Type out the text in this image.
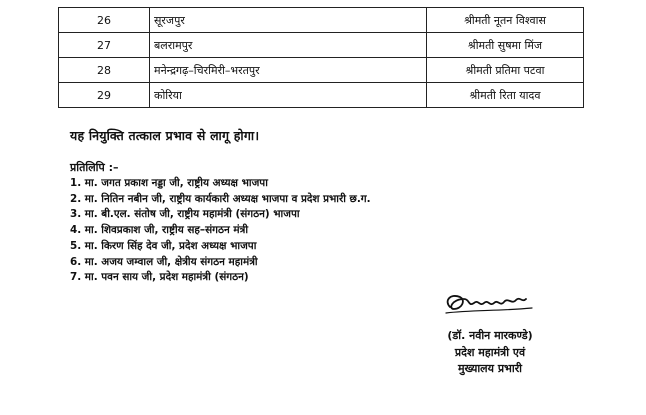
26	सूरजपुर	श्रीमती नूतन विश्वास
27	बलरामपुर	श्रीमती सुषमा मिंज
28	मनेन्द्रगढ़–चिरमिरी–भरतपुर	श्रीमती प्रतिमा पटवा
29	कोरिया	श्रीमती रिता यादव
यह नियुक्ति तत्काल प्रभाव से लागू होगा।
प्रतिलिपि :–
1. मा. जगत प्रकाश नड्डा जी, राष्ट्रीय अध्यक्ष भाजपा
2. मा. नितिन नबीन जी, राष्ट्रीय कार्यकारी अध्यक्ष भाजपा व प्रदेश प्रभारी छ.ग.
3. मा. बी.एल. संतोष जी, राष्ट्रीय महामंत्री (संगठन) भाजपा
4. मा. शिवप्रकाश जी, राष्ट्रीय सह–संगठन मंत्री
5. मा. किरण सिंह देव जी, प्रदेश अध्यक्ष भाजपा
6. मा. अजय जम्वाल जी, क्षेत्रीय संगठन महामंत्री
7. मा. पवन साय जी, प्रदेश महामंत्री (संगठन)
(डॉ. नवीन मारकण्डे)
प्रदेश महामंत्री एवं
मुख्यालय प्रभारी
